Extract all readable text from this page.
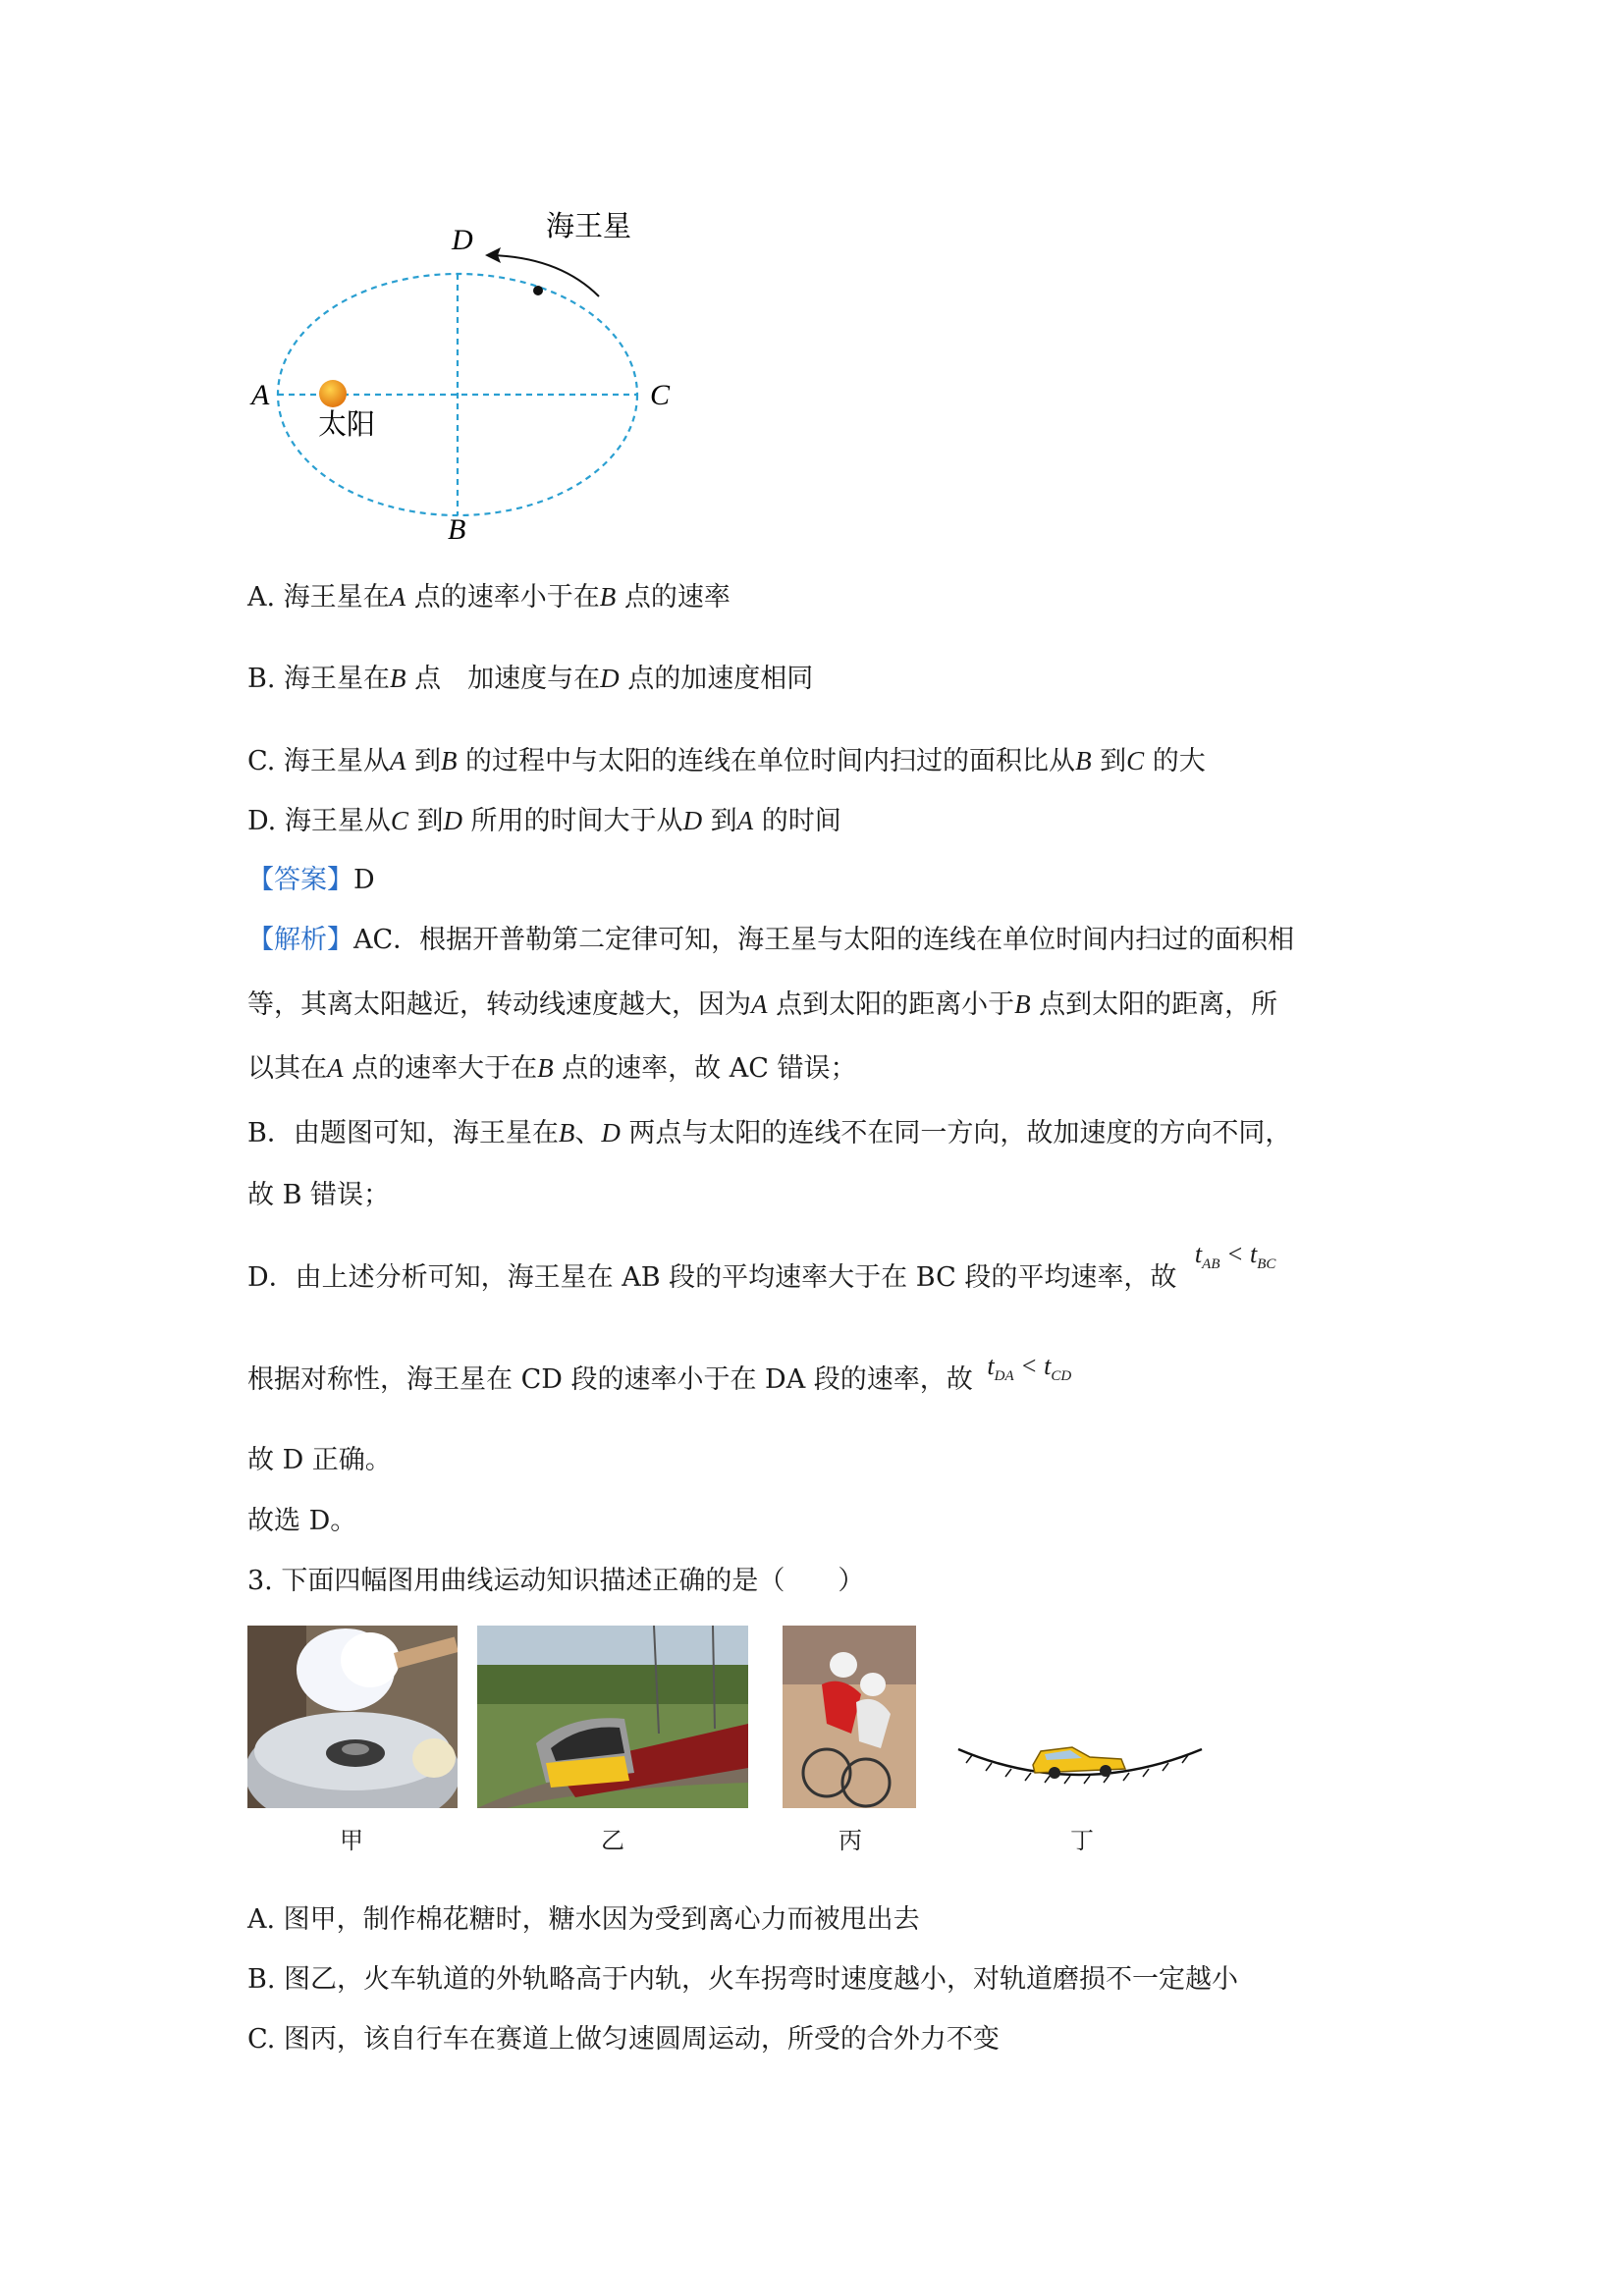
D
A	C
B
海王星
太阳
A. 海王星在A 点的速率小于在B 点的速率
B. 海王星在B 点　加速度与在D 点的加速度相同
C. 海王星从A 到B 的过程中与太阳的连线在单位时间内扫过的面积比从B 到C 的大
D. 海王星从C 到D 所用的时间大于从D 到A 的时间
【答案】D
【解析】AC．根据开普勒第二定律可知，海王星与太阳的连线在单位时间内扫过的面积相
等，其离太阳越近，转动线速度越大，因为A 点到太阳的距离小于B 点到太阳的距离，所
以其在A 点的速率大于在B 点的速率，故 AC 错误；
B．由题图可知，海王星在B、D 两点与太阳的连线不在同一方向，故加速度的方向不同，
故 B 错误；
D．由上述分析可知，海王星在 AB 段的平均速率大于在 BC 段的平均速率，故 $t_{AB} < t_{BC}$
根据对称性，海王星在 CD 段的速率小于在 DA 段的速率，故 $t_{DA} < t_{CD}$
故 D 正确。
故选 D。
3. 下面四幅图用曲线运动知识描述正确的是（　　）
甲	乙	丙	丁
A. 图甲，制作棉花糖时，糖水因为受到离心力而被甩出去
B. 图乙，火车轨道的外轨略高于内轨，火车拐弯时速度越小，对轨道磨损不一定越小
C. 图丙，该自行车在赛道上做匀速圆周运动，所受的合外力不变
